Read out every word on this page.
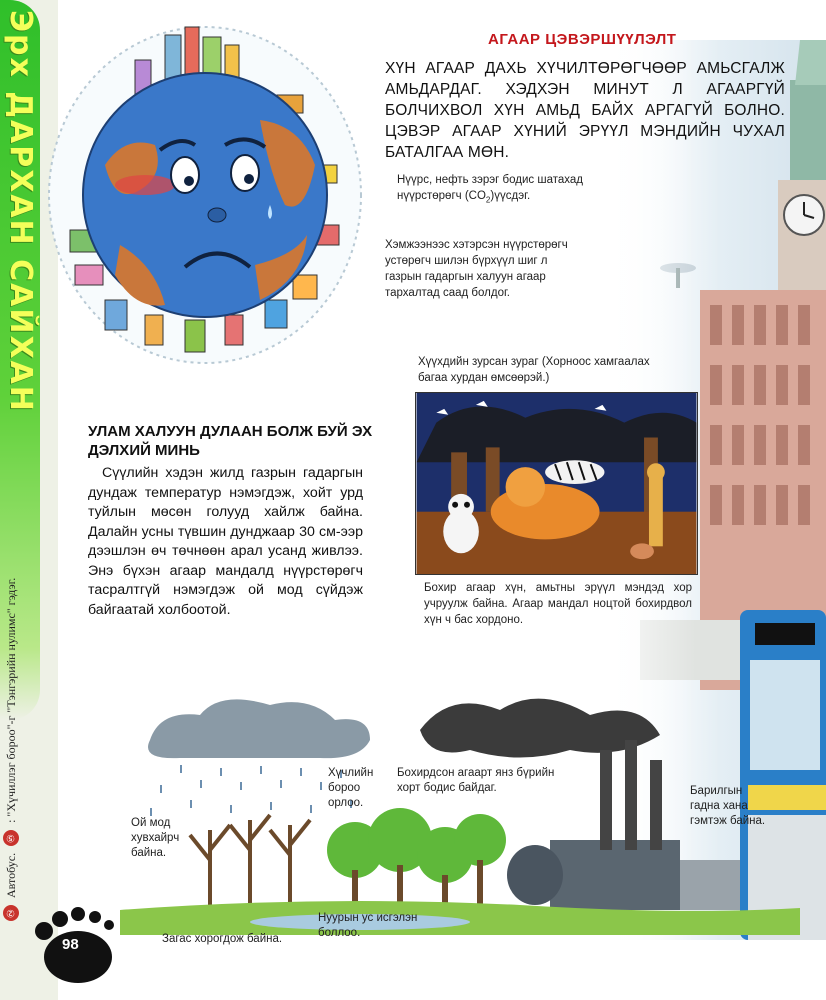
Эрх ДАРХАН САЙХАН
② Автобус. ⑤ : "Хүчиллэг бороо"-г "Тэнгэрийн нулимс" гэдэг.
98
АГААР ЦЭВЭРШҮҮЛЭЛТ
ХҮН АГААР ДАХЬ ХҮЧИЛТӨРӨГЧӨӨР АМЬСГАЛЖ АМЬДАРДАГ. ХЭДХЭН МИНУТ Л АГААРГҮЙ БОЛЧИХВОЛ ХҮН АМЬД БАЙХ АРГАГҮЙ БОЛНО. ЦЭВЭР АГААР ХҮНИЙ ЭРҮҮЛ МЭНДИЙН ЧУХАЛ БАТАЛГАА МӨН.
Нүүрс, нефть зэрэг бодис шатахад нүүрстөрөгч $(CO_2)үүсдэг$.
Хэмжээнээс хэтэрсэн нүүрстөрөгч устөрөгч шилэн бүрхүүл шиг л газрын гадаргын халуун агаар тархалтад саад болдог.
Хүүхдийн зурсан зураг (Хорноос хамгаалах багаа хурдан өмсөөрэй.)
Бохир агаар хүн, амьтны эрүүл мэндэд хор учруулж байна. Агаар мандал ноцтой бохирдвол хүн ч бас хордоно.
УЛАМ ХАЛУУН ДУЛААН БОЛЖ БУЙ ЭХ ДЭЛХИЙ МИНЬ
Сүүлийн хэдэн жилд газрын гадаргын дундаж температур нэмэгдэж, хойт урд туйлын мөсөн голууд хайлж байна. Далайн усны түвшин дунджаар 30 см-ээр дээшлэн өч төчнөөн арал усанд живлээ. Энэ бүхэн агаар мандалд нүүрстөрөгч тасралтгүй нэмэгдэж ой мод сүйдэж байгаатай холбоотой.
Ой мод хувхайрч байна.
Хүчлийн бороо орлоо.
Бохирдсон агаарт янз бүрийн хорт бодис байдаг.	Барилгын гадна хана гэмтэж байна.
Нуурын ус исгэлэн боллоо.
Загас хорогдож байна.
